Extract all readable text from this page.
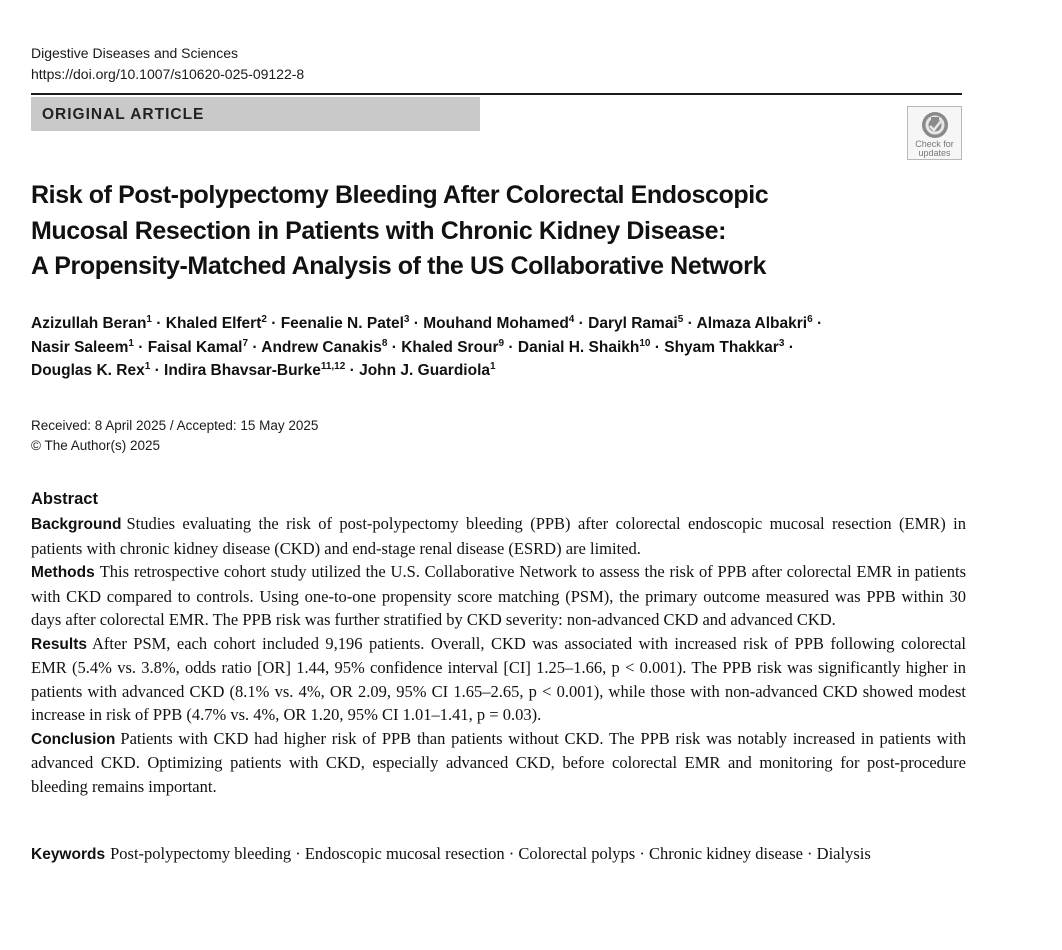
Digestive Diseases and Sciences
https://doi.org/10.1007/s10620-025-09122-8
ORIGINAL ARTICLE
Check for
updates
Risk of Post-polypectomy Bleeding After Colorectal Endoscopic
Mucosal Resection in Patients with Chronic Kidney Disease:
A Propensity-Matched Analysis of the US Collaborative Network
Azizullah Beran$^1$ · Khaled Elfert$^2$ · Feenalie N. Patel$^3$ · Mouhand Mohamed$^4$ · Daryl Ramai$^5$ · Almaza Albakri$^6$ ·
Nasir Saleem$^1$ · Faisal Kamal$^7$ · Andrew Canakis$^8$ · Khaled Srour$^9$ · Danial H. Shaikh$^{10}$ · Shyam Thakkar$^3$ ·
Douglas K. Rex$^1$ · Indira Bhavsar-Burke$^{11,12}$ · John J. Guardiola$^1$
Received: 8 April 2025 / Accepted: 15 May 2025
© The Author(s) 2025
Abstract

Background Studies evaluating the risk of post-polypectomy bleeding (PPB) after colorectal endoscopic mucosal resection (EMR) in patients with chronic kidney disease (CKD) and end-stage renal disease (ESRD) are limited.

Methods This retrospective cohort study utilized the U.S. Collaborative Network to assess the risk of PPB after colorectal EMR in patients with CKD compared to controls. Using one-to-one propensity score matching (PSM), the primary outcome measured was PPB within 30 days after colorectal EMR. The PPB risk was further stratified by CKD severity: non-advanced CKD and advanced CKD.

Results After PSM, each cohort included 9,196 patients. Overall, CKD was associated with increased risk of PPB following colorectal EMR (5.4% vs. 3.8%, odds ratio [OR] 1.44, 95% confidence interval [CI] 1.25–1.66, p < 0.001). The PPB risk was significantly higher in patients with advanced CKD (8.1% vs. 4%, OR 2.09, 95% CI 1.65–2.65, p < 0.001), while those with non-advanced CKD showed modest increase in risk of PPB (4.7% vs. 4%, OR 1.20, 95% CI 1.01–1.41, p = 0.03).

Conclusion Patients with CKD had higher risk of PPB than patients without CKD. The PPB risk was notably increased in patients with advanced CKD. Optimizing patients with CKD, especially advanced CKD, before colorectal EMR and monitoring for post-procedure bleeding remains important.

Keywords Post-polypectomy bleeding · Endoscopic mucosal resection · Colorectal polyps · Chronic kidney disease · Dialysis
